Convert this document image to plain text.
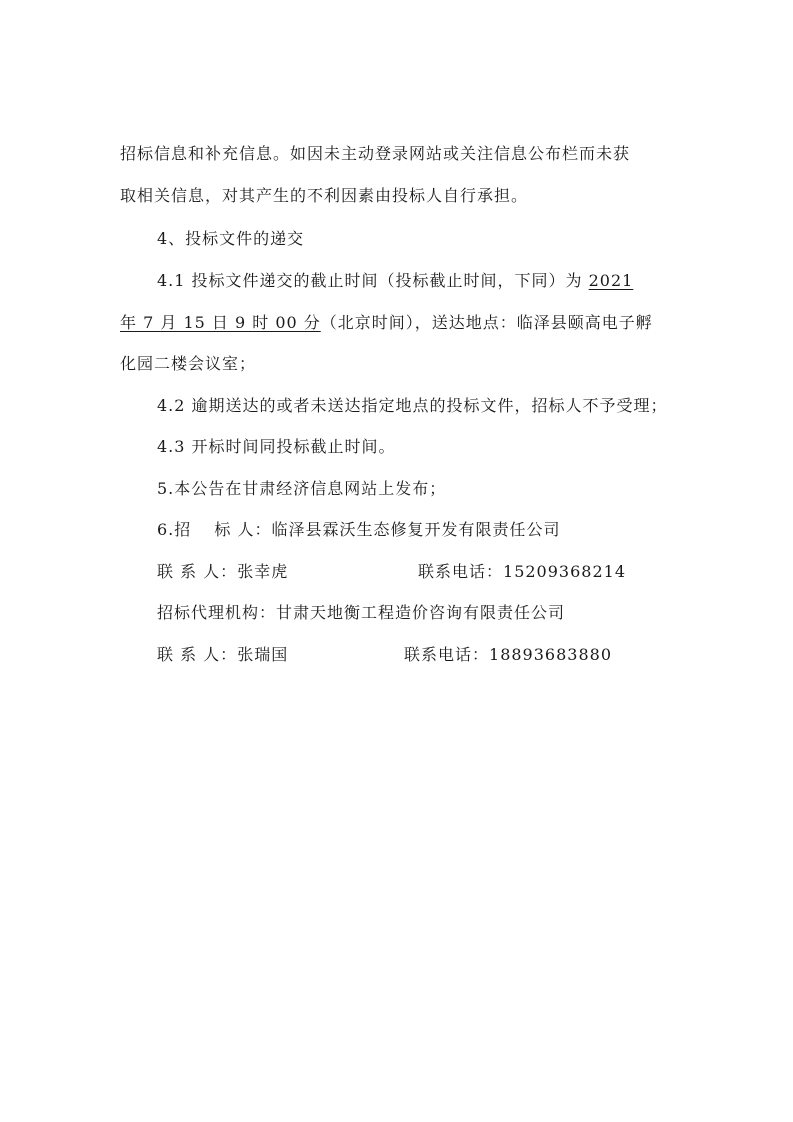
招标信息和补充信息。如因未主动登录网站或关注信息公布栏而未获
取相关信息，对其产生的不利因素由投标人自行承担。
4、投标文件的递交
4.1 投标文件递交的截止时间（投标截止时间，下同）为 2021
年 7 月 15 日 9 时 00 分（北京时间），送达地点：临泽县颐高电子孵
化园二楼会议室；
4.2 逾期送达的或者未送达指定地点的投标文件，招标人不予受理；
4.3 开标时间同投标截止时间。
5.本公告在甘肃经济信息网站上发布；
6.招　 标 人：临泽县霖沃生态修复开发有限责任公司
联 系 人：张幸虎	联系电话：15209368214
招标代理机构：甘肃天地衡工程造价咨询有限责任公司
联 系 人：张瑞国	联系电话：18893683880
